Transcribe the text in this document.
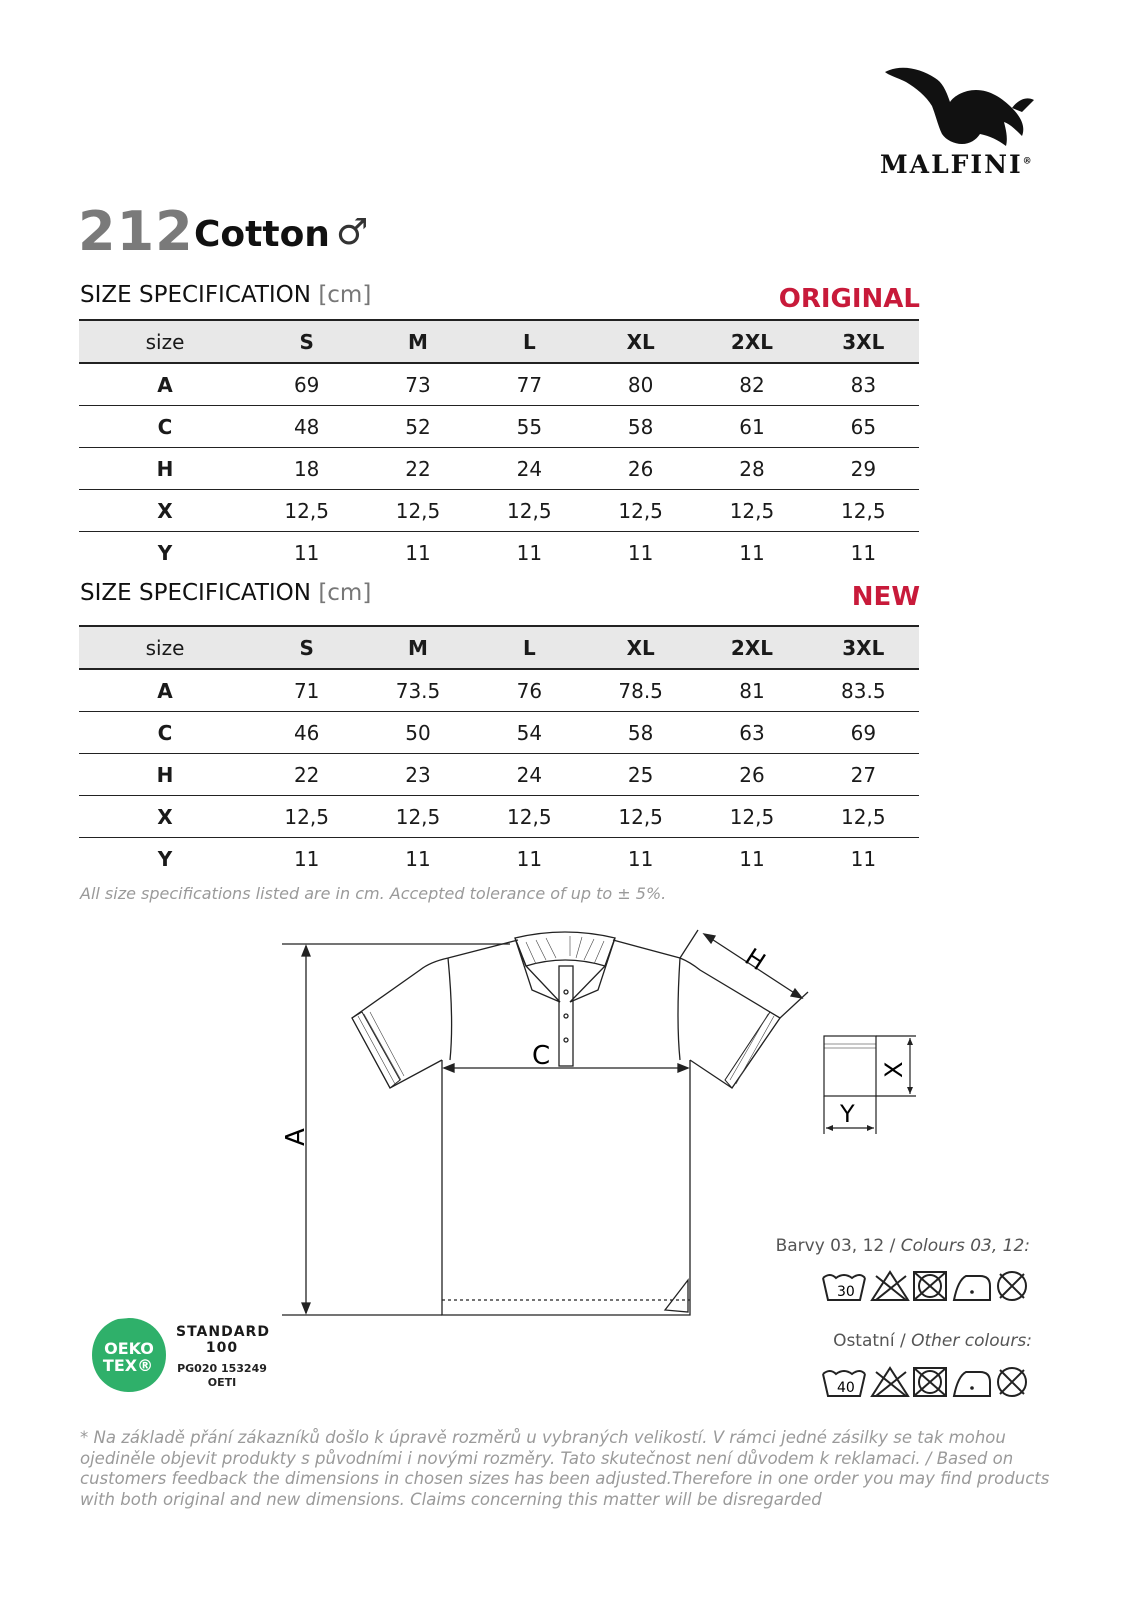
MALFINI®
212 Cotton ♂
SIZE SPECIFICATION [cm]	ORIGINAL
size	S	M	L	XL	2XL	3XL
A	69	73	77	80	82	83
C	48	52	55	58	61	65
H	18	22	24	26	28	29
X	12,5	12,5	12,5	12,5	12,5	12,5
Y	11	11	11	11	11	11
SIZE SPECIFICATION [cm]	NEW
size	S	M	L	XL	2XL	3XL
A	71	73.5	76	78.5	81	83.5
C	46	50	54	58	63	69
H	22	23	24	25	26	27
X	12,5	12,5	12,5	12,5	12,5	12,5
Y	11	11	11	11	11	11
All size specifications listed are in cm. Accepted tolerance of up to ± 5%.
A
C
H
X
Y
Barvy 03, 12 / Colours 03, 12:
30
Ostatní / Other colours:
40
OEKO
TEX®
STANDARD
100
PG020 153249
OETI
* Na základě přání zákazníků došlo k úpravě rozměrů u vybraných velikostí. V rámci jedné zásilky se tak mohou ojediněle objevit produkty s původními i novými rozměry. Tato skutečnost není důvodem k reklamaci. / Based on customers feedback the dimensions in chosen sizes has been adjusted.Therefore in one order you may find products with both original and new dimensions. Claims concerning this matter will be disregarded
